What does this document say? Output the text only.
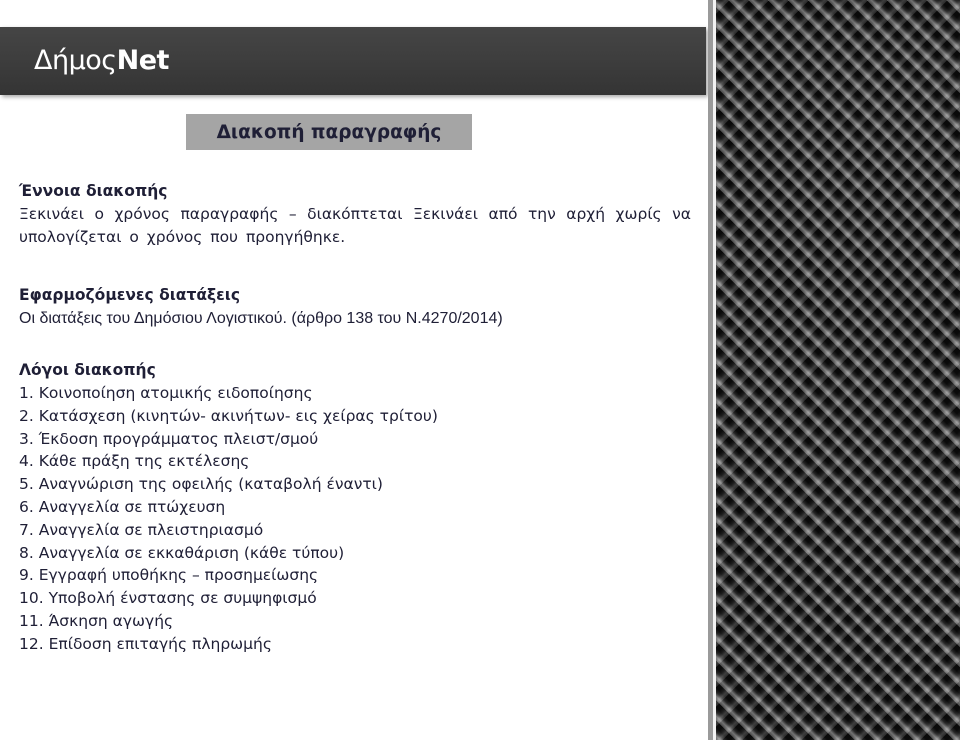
ΔήμοςNet
Διακοπή παραγραφής
Έννοια διακοπής
Ξεκινάει ο χρόνος παραγραφής – διακόπτεται Ξεκινάει από την αρχή χωρίς να υπολογίζεται ο χρόνος που προηγήθηκε.
Εφαρμοζόμενες διατάξεις
Οι διατάξεις του Δημόσιου Λογιστικού. (άρθρο 138 του Ν.4270/2014)
Λόγοι διακοπής
1. Κοινοποίηση ατομικής ειδοποίησης
2. Κατάσχεση (κινητών- ακινήτων- εις χείρας τρίτου)
3. Έκδοση προγράμματος πλειστ/σμού
4. Κάθε πράξη της εκτέλεσης
5. Αναγνώριση της οφειλής (καταβολή έναντι)
6. Αναγγελία σε πτώχευση
7. Αναγγελία σε πλειστηριασμό
8. Αναγγελία σε εκκαθάριση (κάθε τύπου)
9. Εγγραφή υποθήκης – προσημείωσης
10. Υποβολή ένστασης σε συμψηφισμό
11. Άσκηση αγωγής
12. Επίδοση επιταγής πληρωμής
